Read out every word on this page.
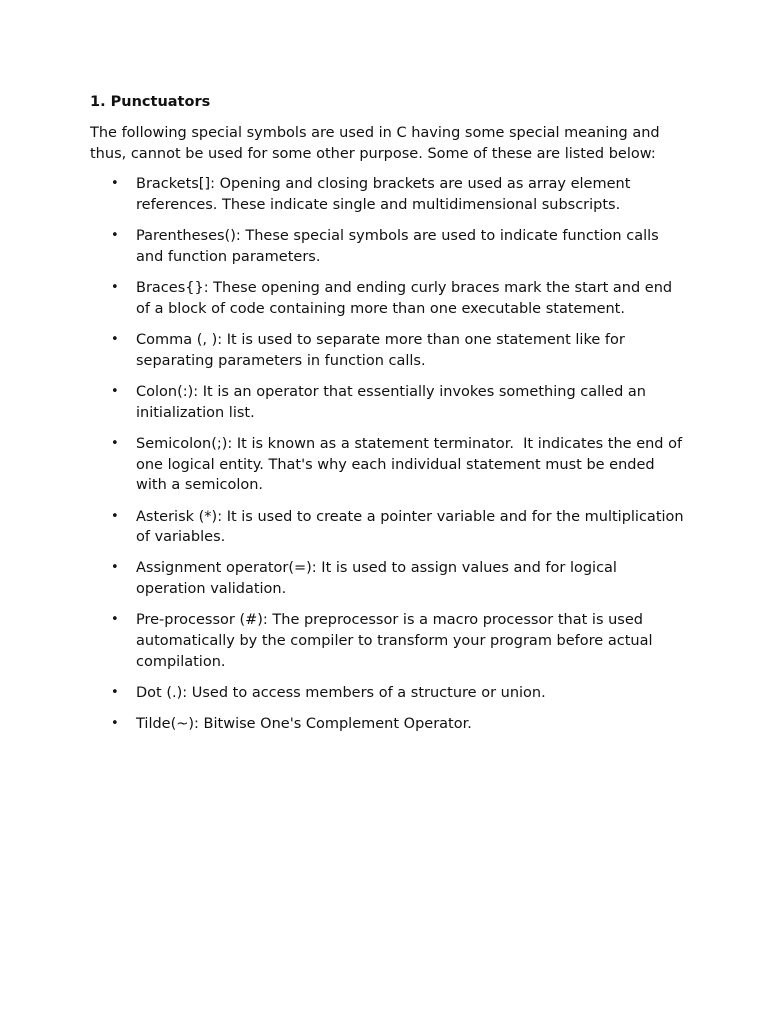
1. Punctuators
The following special symbols are used in C having some special meaning and thus, cannot be used for some other purpose. Some of these are listed below:
• Brackets[]: Opening and closing brackets are used as array element references. These indicate single and multidimensional subscripts.
• Parentheses(): These special symbols are used to indicate function calls and function parameters.
• Braces{}: These opening and ending curly braces mark the start and end of a block of code containing more than one executable statement.
• Comma (, ): It is used to separate more than one statement like for separating parameters in function calls.
• Colon(:): It is an operator that essentially invokes something called an initialization list.
• Semicolon(;): It is known as a statement terminator.  It indicates the end of one logical entity. That's why each individual statement must be ended with a semicolon.
• Asterisk (*): It is used to create a pointer variable and for the multiplication of variables.
• Assignment operator(=): It is used to assign values and for logical operation validation.
• Pre-processor (#): The preprocessor is a macro processor that is used automatically by the compiler to transform your program before actual compilation.
• Dot (.): Used to access members of a structure or union.
• Tilde(~): Bitwise One's Complement Operator.
